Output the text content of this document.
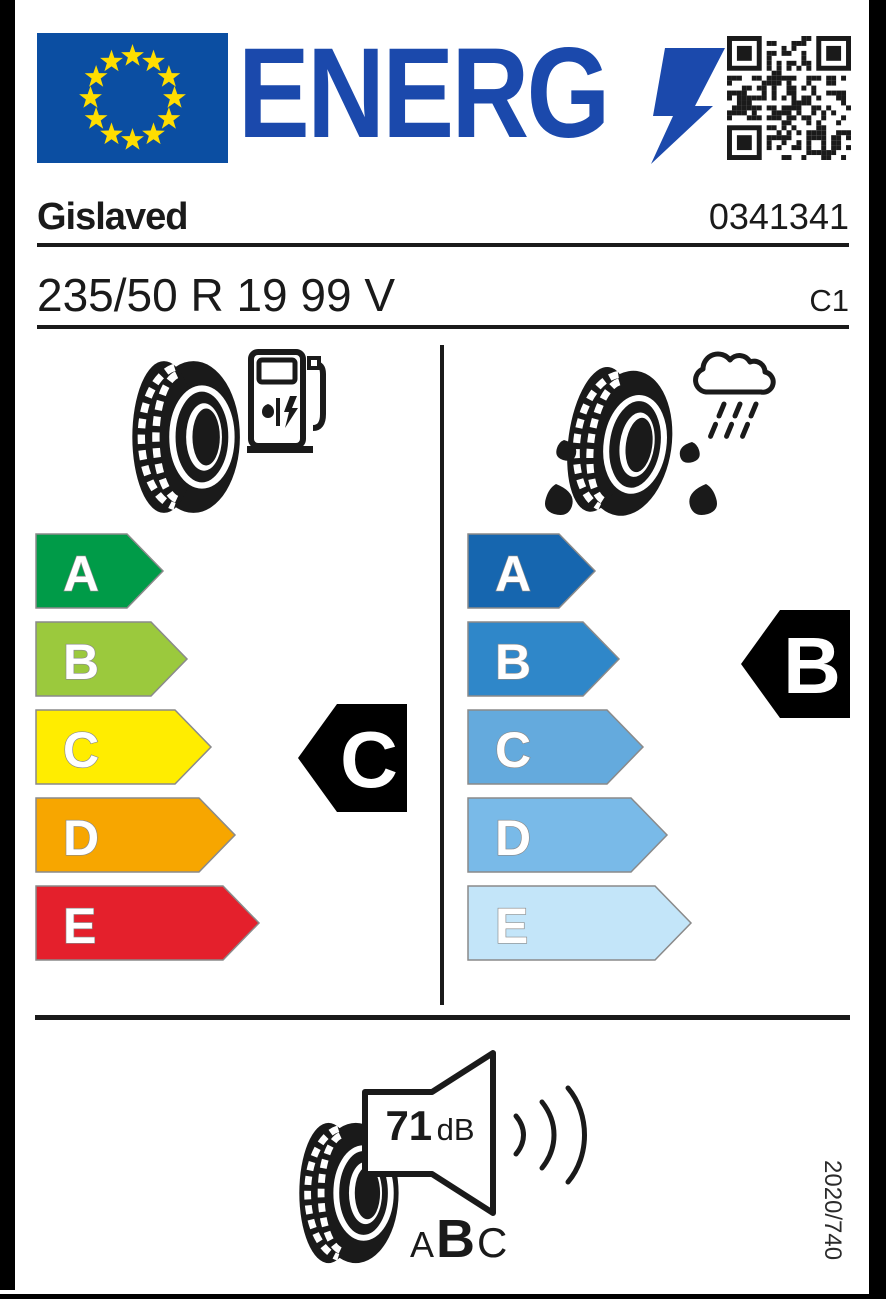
ENERG
Gislaved	0341341
235/50 R 19 99 V	C1
A
B
C
D
E
C
A
B
C
D
E
B
71 dB
A B C	2020/740
